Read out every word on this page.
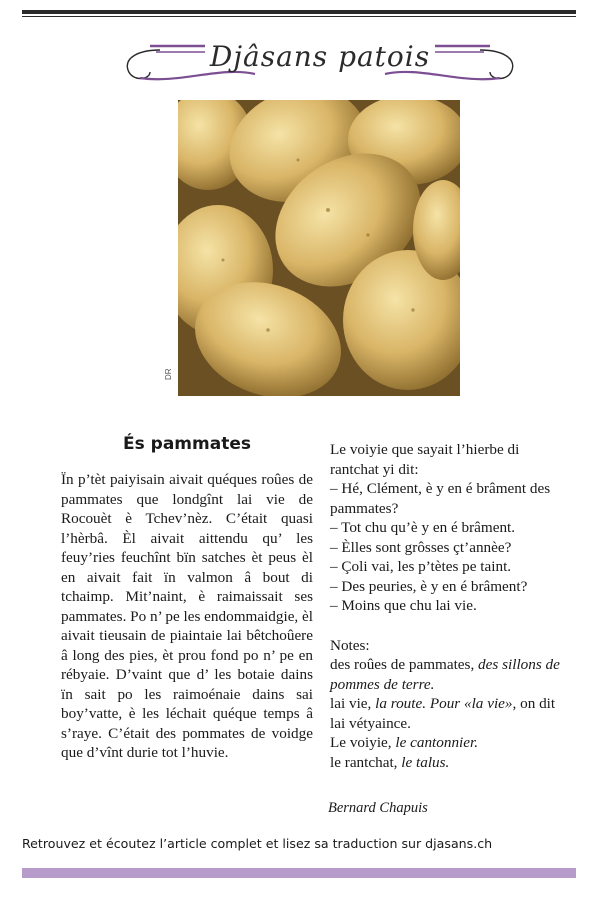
Djâsans patois
DR
És pammates

Ïn p’tèt paiyisain aivait quéques roûes de pammates que londgînt lai vie de Rocouèt è Tchev’nèz. C’était quasi l’hèrbâ. Èl aivait aittendu qu’ les feuy’ries feuchînt bïn satches èt peus èl en aivait fait ïn valmon â bout di tchaimp. Mit’naint, è raimaissait ses pammates. Po n’ pe les endommaidgie, èl aivait tieusain de piaintaie lai bêtchoûere â long des pies, èt prou fond po n’ pe en rébyaie. D’vaint que d’ les botaie dains ïn sait po les raimoénaie dains sai boy’vatte, è les léchait quéque temps â s’raye. C’était des pommates de voidge que d’vînt durie tot l’huvie.

Le voiyie que sayait l’hierbe di rantchat yi dit:

– Hé, Clément, è y en é brâment des pammates?
– Tot chu qu’è y en é brâment.
– Èlles sont grôsses çt’annèe?
– Çoli vai, les p’tètes pe taint.
– Des peuries, è y en é brâment?
– Moins que chu lai vie.
Notes:

des roûes de pammates, des sillons de pommes de terre.

lai vie, la route. Pour «la vie», on dit lai vétyaince.

Le voiyie, le cantonnier.

le rantchat, le talus.

Bernard Chapuis
Retrouvez et écoutez l’article complet et lisez sa traduction sur djasans.ch
